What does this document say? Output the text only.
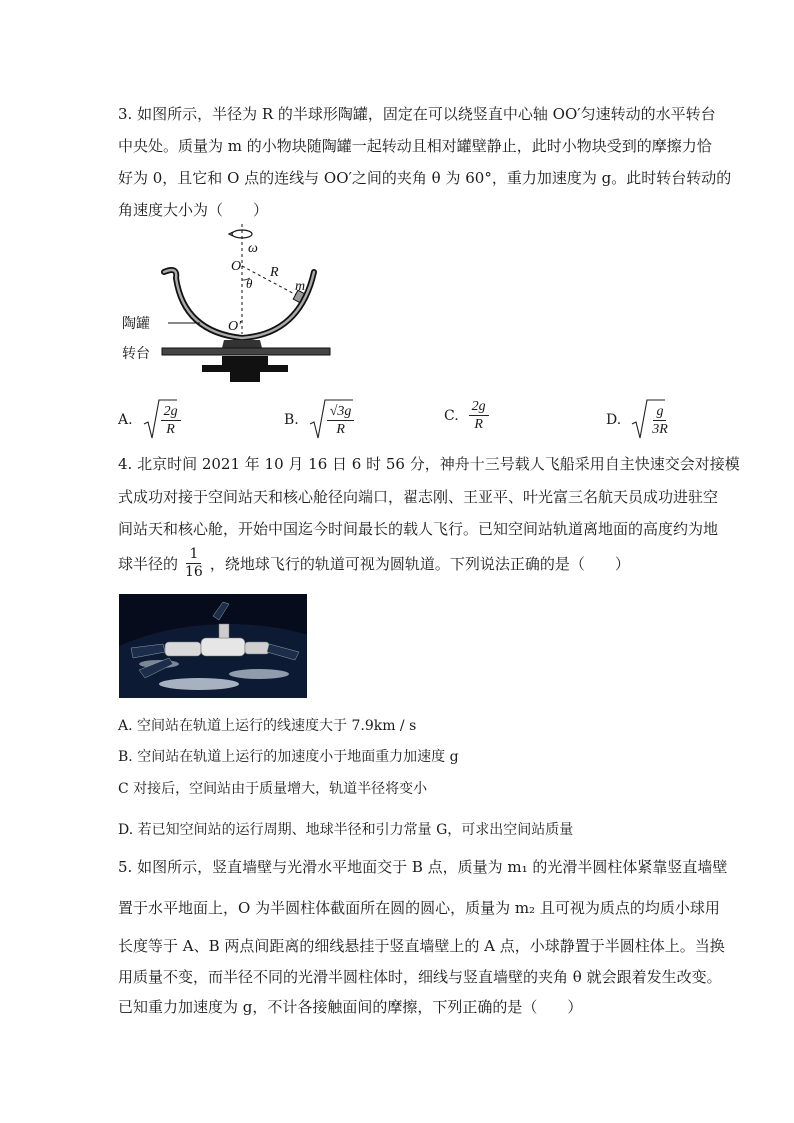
3. 如图所示，半径为 R 的半球形陶罐，固定在可以绕竖直中心轴 OO′匀速转动的水平转台
中央处。质量为 m 的小物块随陶罐一起转动且相对罐壁静止，此时小物块受到的摩擦力恰
好为 0，且它和 O 点的连线与 OO′之间的夹角 θ 为 60°，重力加速度为 g。此时转台转动的
角速度大小为（　　）
ω
O R
θ	m
O′
陶罐
转台
A. $\frac{2g}{R}$	B. $\frac{√3g}{R}$	C. $\frac{2g}{R}$	D. $\frac{g}{3R}$
4. 北京时间 2021 年 10 月 16 日 6 时 56 分，神舟十三号载人飞船采用自主快速交会对接模
式成功对接于空间站天和核心舱径向端口，翟志刚、王亚平、叶光富三名航天员成功进驻空
间站天和核心舱，开始中国迄今时间最长的载人飞行。已知空间站轨道离地面的高度约为地
球半径的 $\frac{1}{16}$ ，绕地球飞行的轨道可视为圆轨道。下列说法正确的是（　　）
A. 空间站在轨道上运行的线速度大于 7.9km / s
B. 空间站在轨道上运行的加速度小于地面重力加速度 g
C 对接后，空间站由于质量增大，轨道半径将变小
D. 若已知空间站的运行周期、地球半径和引力常量 G，可求出空间站质量
5. 如图所示，竖直墙壁与光滑水平地面交于 B 点，质量为 m₁ 的光滑半圆柱体紧靠竖直墙壁
置于水平地面上，O 为半圆柱体截面所在圆的圆心，质量为 m₂ 且可视为质点的均质小球用
长度等于 A、B 两点间距离的细线悬挂于竖直墙壁上的 A 点，小球静置于半圆柱体上。当换
用质量不变，而半径不同的光滑半圆柱体时，细线与竖直墙壁的夹角 θ 就会跟着发生改变。
已知重力加速度为 g，不计各接触面间的摩擦，下列正确的是（　　）
